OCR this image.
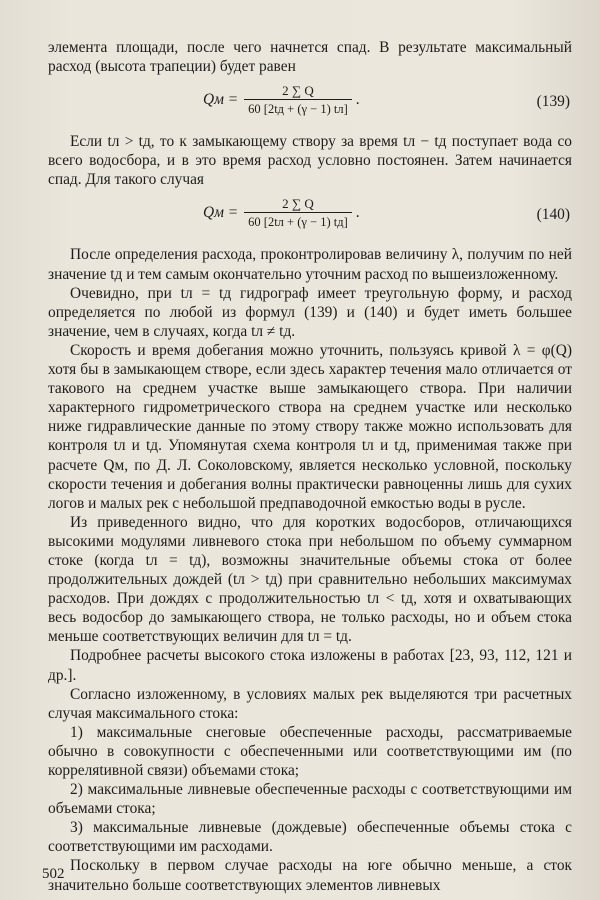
элемента площади, после чего начнется спад. В результате максимальный расход (высота трапеции) будет равен

Qм = $\frac{2 \sum Q}{60 [2tд + (\gamma - 1) tл]}$ .	(139)

Если tл > tд, то к замыкающему створу за время tл − tд поступает вода со всего водосбора, и в это время расход условно постоянен. Затем начинается спад. Для такого случая

Qм = $\frac{2 \sum Q}{60 [2tл + (\gamma - 1) tд]}$ .	(140)

После определения расхода, проконтролировав величину λ, получим по ней значение tд и тем самым окончательно уточним расход по вышеизложенному.

Очевидно, при tл = tд гидрограф имеет треугольную форму, и расход определяется по любой из формул (139) и (140) и будет иметь большее значение, чем в случаях, когда tл ≠ tд.

Скорость и время добегания можно уточнить, пользуясь кривой λ = φ(Q) хотя бы в замыкающем створе, если здесь характер течения мало отличается от такового на среднем участке выше замыкающего створа. При наличии характерного гидрометрического створа на среднем участке или несколько ниже гидравлические данные по этому створу также можно использовать для контроля tл и tд. Упомянутая схема контроля tл и tд, применимая также при расчете Qм, по Д. Л. Соколовскому, является несколько условной, поскольку скорости течения и добегания волны практически равноценны лишь для сухих логов и малых рек с небольшой предпаводочной емкостью воды в русле.

Из приведенного видно, что для коротких водосборов, отличающихся высокими модулями ливневого стока при небольшом по объему суммарном стоке (когда tл = tд), возможны значительные объемы стока от более продолжительных дождей (tл > tд) при сравнительно небольших максимумах расходов. При дождях с продолжительностью tл < tд, хотя и охватывающих весь водосбор до замыкающего створа, не только расходы, но и объем стока меньше соответствующих величин для tл = tд.

Подробнее расчеты высокого стока изложены в работах [23, 93, 112, 121 и др.].

Согласно изложенному, в условиях малых рек выделяются три расчетных случая максимального стока:

1) максимальные снеговые обеспеченные расходы, рассматриваемые обычно в совокупности с обеспеченными или соответствующими им (по корреляtивной связи) объемами стока;

2) максимальные ливневые обеспеченные расходы с соответствующими им объемами стока;

3) максимальные ливневые (дождевые) обеспеченные объемы стока с соответствующими им расходами.

Поскольку в первом случае расходы на юге обычно меньше, а сток значительно больше соответствующих элементов ливневых

502
